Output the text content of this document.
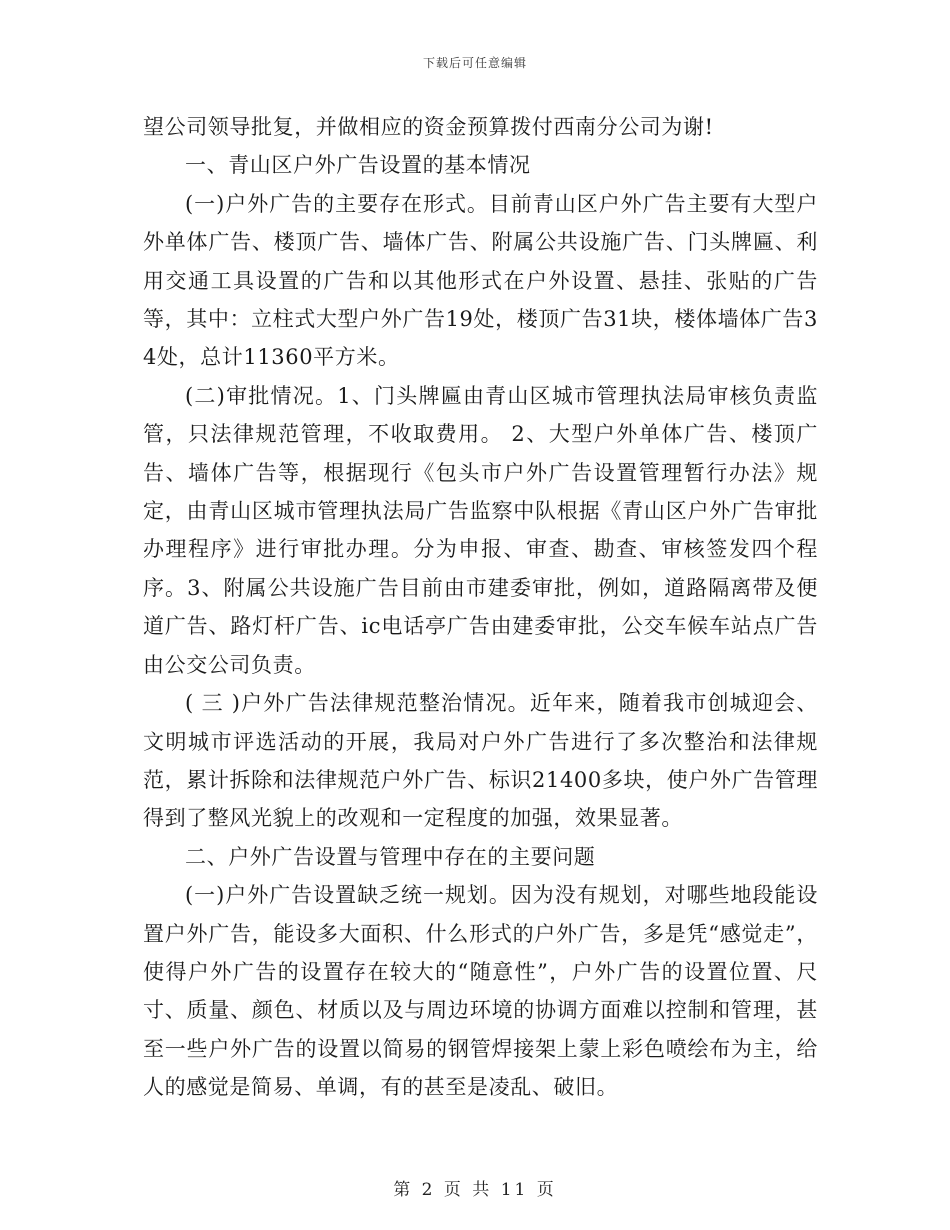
下载后可任意编辑

望公司领导批复，并做相应的资金预算拨付西南分公司为谢!

一、青山区户外广告设置的基本情况

(一)户外广告的主要存在形式。目前青山区户外广告主要有大型户外单体广告、楼顶广告、墙体广告、附属公共设施广告、门头牌匾、利用交通工具设置的广告和以其他形式在户外设置、悬挂、张贴的广告等，其中：立柱式大型户外广告19处，楼顶广告31块，楼体墙体广告34处，总计11360平方米。

(二)审批情况。1、门头牌匾由青山区城市管理执法局审核负责监管，只法律规范管理，不收取费用。 2、大型户外单体广告、楼顶广告、墙体广告等，根据现行《包头市户外广告设置管理暂行办法》规定，由青山区城市管理执法局广告监察中队根据《青山区户外广告审批办理程序》进行审批办理。分为申报、审查、勘查、审核签发四个程序。3、附属公共设施广告目前由市建委审批，例如，道路隔离带及便道广告、路灯杆广告、ic电话亭广告由建委审批，公交车候车站点广告由公交公司负责。

( 三 )户外广告法律规范整治情况。近年来，随着我市创城迎会、文明城市评选活动的开展，我局对户外广告进行了多次整治和法律规范，累计拆除和法律规范户外广告、标识21400多块，使户外广告管理得到了整风光貌上的改观和一定程度的加强，效果显著。

二、户外广告设置与管理中存在的主要问题

(一)户外广告设置缺乏统一规划。因为没有规划，对哪些地段能设置户外广告，能设多大面积、什么形式的户外广告，多是凭“感觉走”，使得户外广告的设置存在较大的“随意性”，户外广告的设置位置、尺寸、质量、颜色、材质以及与周边环境的协调方面难以控制和管理，甚至一些户外广告的设置以简易的钢管焊接架上蒙上彩色喷绘布为主，给人的感觉是简易、单调，有的甚至是凌乱、破旧。

第 2 页 共 11 页
